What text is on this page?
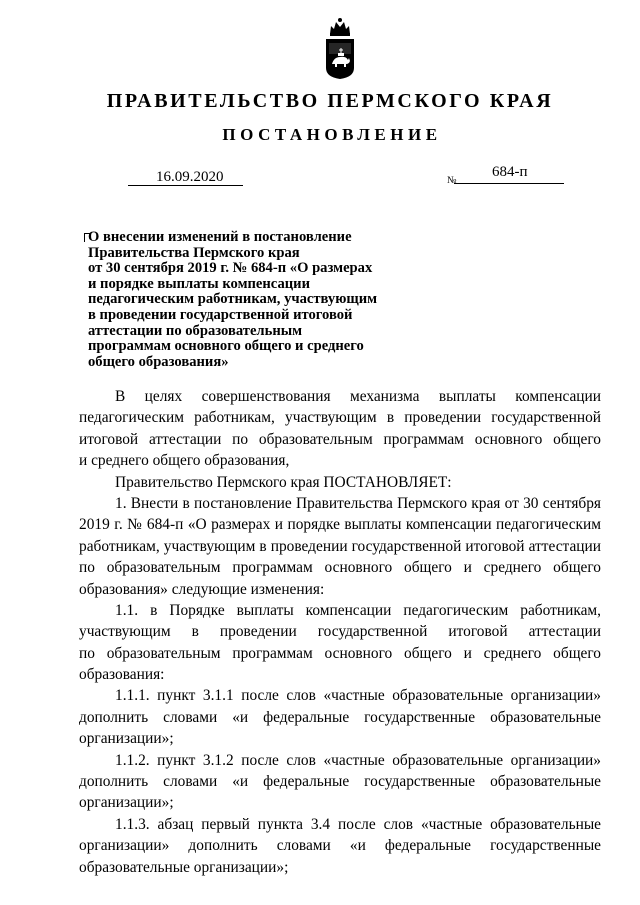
ПРАВИТЕЛЬСТВО ПЕРМСКОГО КРАЯ
ПОСТАНОВЛЕНИЕ
16.09.2020	№
684-п
О внесении изменений в постановление
Правительства Пермского края
от 30 сентября 2019 г. № 684-п «О размерах
и порядке выплаты компенсации
педагогическим работникам, участвующим
в проведении государственной итоговой
аттестации по образовательным
программам основного общего и среднего
общего образования»
В целях совершенствования механизма выплаты компенсации
педагогическим работникам, участвующим в проведении государственной
итоговой аттестации по образовательным программам основного общего
и среднего общего образования,
Правительство Пермского края ПОСТАНОВЛЯЕТ:
1. Внести в постановление Правительства Пермского края от 30 сентября
2019 г. № 684-п «О размерах и порядке выплаты компенсации педагогическим
работникам, участвующим в проведении государственной итоговой аттестации
по образовательным программам основного общего и среднего общего
образования» следующие изменения:
1.1. в Порядке выплаты компенсации педагогическим работникам,
участвующим в проведении государственной итоговой аттестации
по образовательным программам основного общего и среднего общего
образования:
1.1.1. пункт 3.1.1 после слов «частные образовательные организации»
дополнить словами «и федеральные государственные образовательные
организации»;
1.1.2. пункт 3.1.2 после слов «частные образовательные организации»
дополнить словами «и федеральные государственные образовательные
организации»;
1.1.3. абзац первый пункта 3.4 после слов «частные образовательные
организации» дополнить словами «и федеральные государственные
образовательные организации»;
